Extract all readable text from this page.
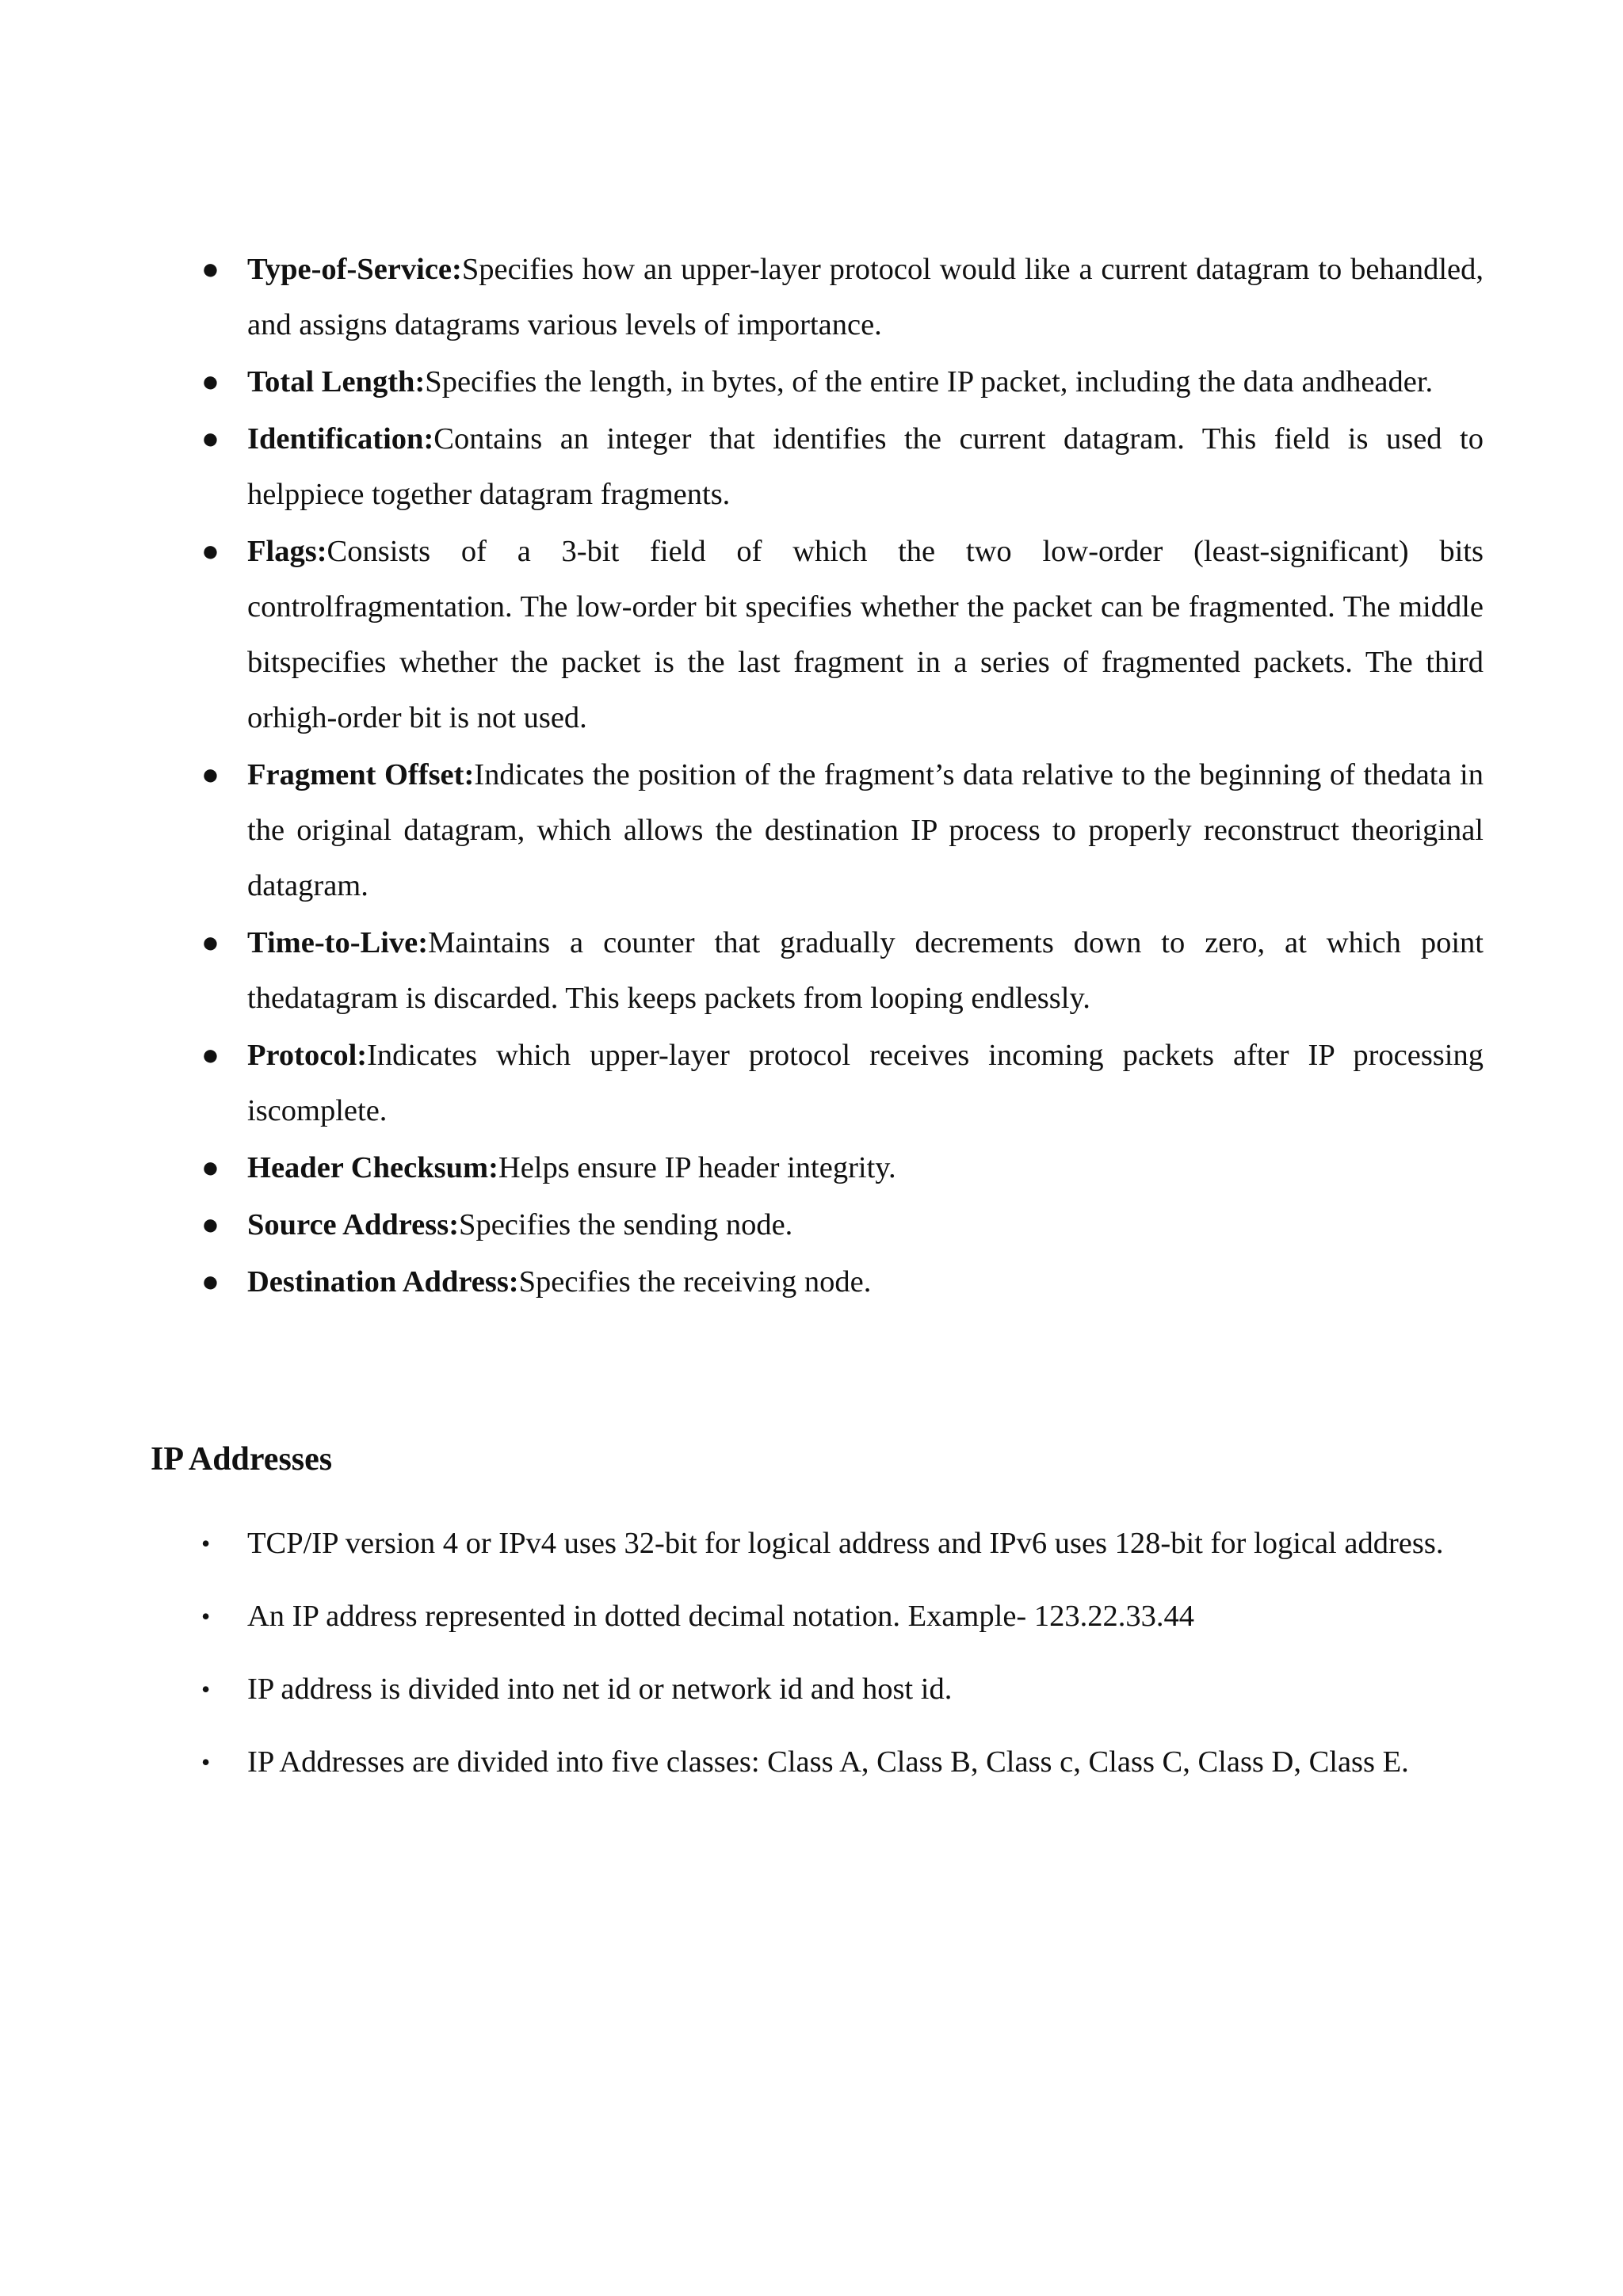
● Type-of-Service:Specifies how an upper-layer protocol would like a current datagram to behandled, and assigns datagrams various levels of importance.
● Total Length:Specifies the length, in bytes, of the entire IP packet, including the data andheader.
● Identification:Contains an integer that identifies the current datagram. This field is used to helppiece together datagram fragments.
● Flags:Consists of a 3-bit field of which the two low-order (least-significant) bits controlfragmentation. The low-order bit specifies whether the packet can be fragmented. The middle bitspecifies whether the packet is the last fragment in a series of fragmented packets. The third orhigh-order bit is not used.
● Fragment Offset:Indicates the position of the fragment’s data relative to the beginning of thedata in the original datagram, which allows the destination IP process to properly reconstruct theoriginal datagram.
● Time-to-Live:Maintains a counter that gradually decrements down to zero, at which point thedatagram is discarded. This keeps packets from looping endlessly.
● Protocol:Indicates which upper-layer protocol receives incoming packets after IP processing iscomplete.
● Header Checksum:Helps ensure IP header integrity.
● Source Address:Specifies the sending node.
● Destination Address:Specifies the receiving node.
IP Addresses
• TCP/IP version 4 or IPv4 uses 32-bit for logical address and IPv6 uses 128-bit for logical address.
• An IP address represented in dotted decimal notation. Example- 123.22.33.44
• IP address is divided into net id or network id and host id.
• IP Addresses are divided into five classes: Class A, Class B, Class c, Class C, Class D, Class E.
